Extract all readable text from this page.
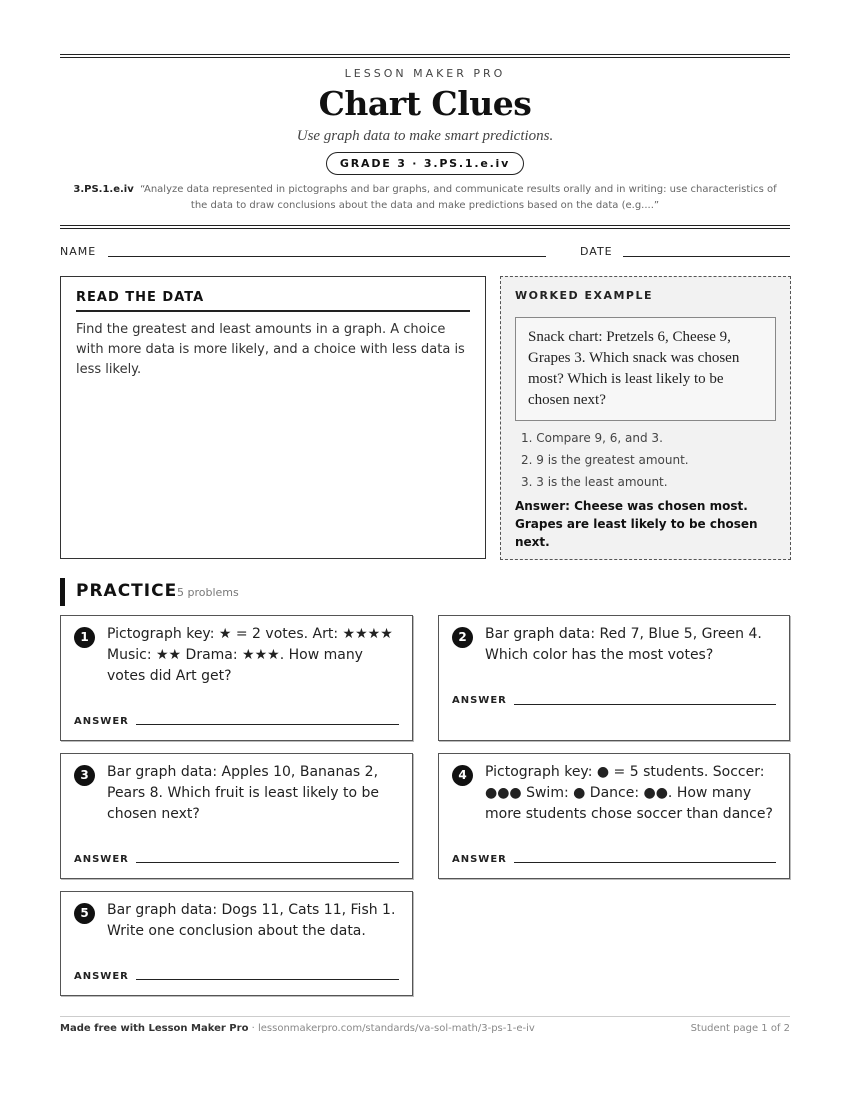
LESSON MAKER PRO
Chart Clues
Use graph data to make smart predictions.
GRADE 3 · 3.PS.1.e.iv
3.PS.1.e.iv “Analyze data represented in pictographs and bar graphs, and communicate results orally and in writing: use characteristics of the data to draw conclusions about the data and make predictions based on the data (e.g....”
NAME	DATE
READ THE DATA
Find the greatest and least amounts in a graph. A choice with more data is more likely, and a choice with less data is less likely.
WORKED EXAMPLE
Snack chart: Pretzels 6, Cheese 9, Grapes 3. Which snack was chosen most? Which is least likely to be chosen next?
1. Compare 9, 6, and 3.
2. 9 is the greatest amount.
3. 3 is the least amount.
Answer: Cheese was chosen most. Grapes are least likely to be chosen next.
PRACTICE 5 problems
1	Pictograph key: ★ = 2 votes. Art: ★★★★ Music: ★★ Drama: ★★★. How many votes did Art get?
ANSWER
2	Bar graph data: Red 7, Blue 5, Green 4. Which color has the most votes?
ANSWER
3	Bar graph data: Apples 10, Bananas 2, Pears 8. Which fruit is least likely to be chosen next?
ANSWER
4	Pictograph key: ● = 5 students. Soccer: ●●● Swim: ● Dance: ●●. How many more students chose soccer than dance?
ANSWER
5	Bar graph data: Dogs 11, Cats 11, Fish 1. Write one conclusion about the data.
ANSWER
Made free with Lesson Maker Pro · lessonmakerpro.com/standards/va-sol-math/3-ps-1-e-iv	Student page 1 of 2
